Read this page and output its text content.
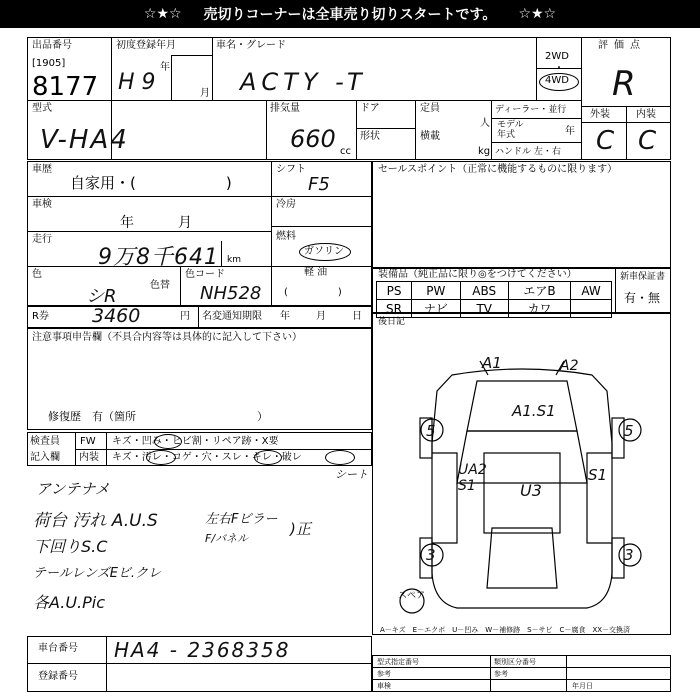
☆★☆ 売切りコーナーは全車売り切りスタートです。 ☆★☆
出品番号
[1905]
8177
初度登録年月
H 9
年
月
車名・グレード
ACTY -T
2WD
・
4WD
評価点
R
型式
V-HA4
排気量
660 cc
ドア
形状
定員
人
横載
kg
ディーラー・並行
モデル
年式	年
ハンドル 左・右
外装	内装
C C
車歴
自家用・(　　　　　　)
車検
年	月
走行
9万8千641 km
色
シR
色替
色コード
NH528
シフト
F5
冷房
燃料
ガソリン
軽 油
(　　　　　)
セールスポイント（正常に機能するものに限ります）
装備品（純正品に限り◎をつけてください）
PS	PW	ABS	エアB	AW
SR	ナビ	TV	カワ	
新車保証書
有・無
R券 3460	円 名変通知期限 年	月	日
注意事項申告欄（不具合内容等は具体的に記入して下さい）
修復歴　有（箇所　　　　　　　　　　　）
検査員
記入欄
FW キズ・凹み・ヒビ割・リペア跡・X要
内装 キズ・汚レ・コゲ・穴・スレ・キレ・破レ
シート
アンテナメ
荷台 汚れ A.U.S	左右Fビラー
F/バネル
)正
下回りS.C
テールレンズEビ.クレ
各A.U.Pic
車台番号 HA4 - 2368358
登録番号
後日記
A1	A2
A1.S1
5	5
UA2
S1	U3
S1
3	3
スペア
A－キズ　E－エクボ　U－凹み　W－補修跡　S－サビ　C－腐食　XX－交換済
型式指定番号	類別区分番号
参考	参考
車検	年月日
